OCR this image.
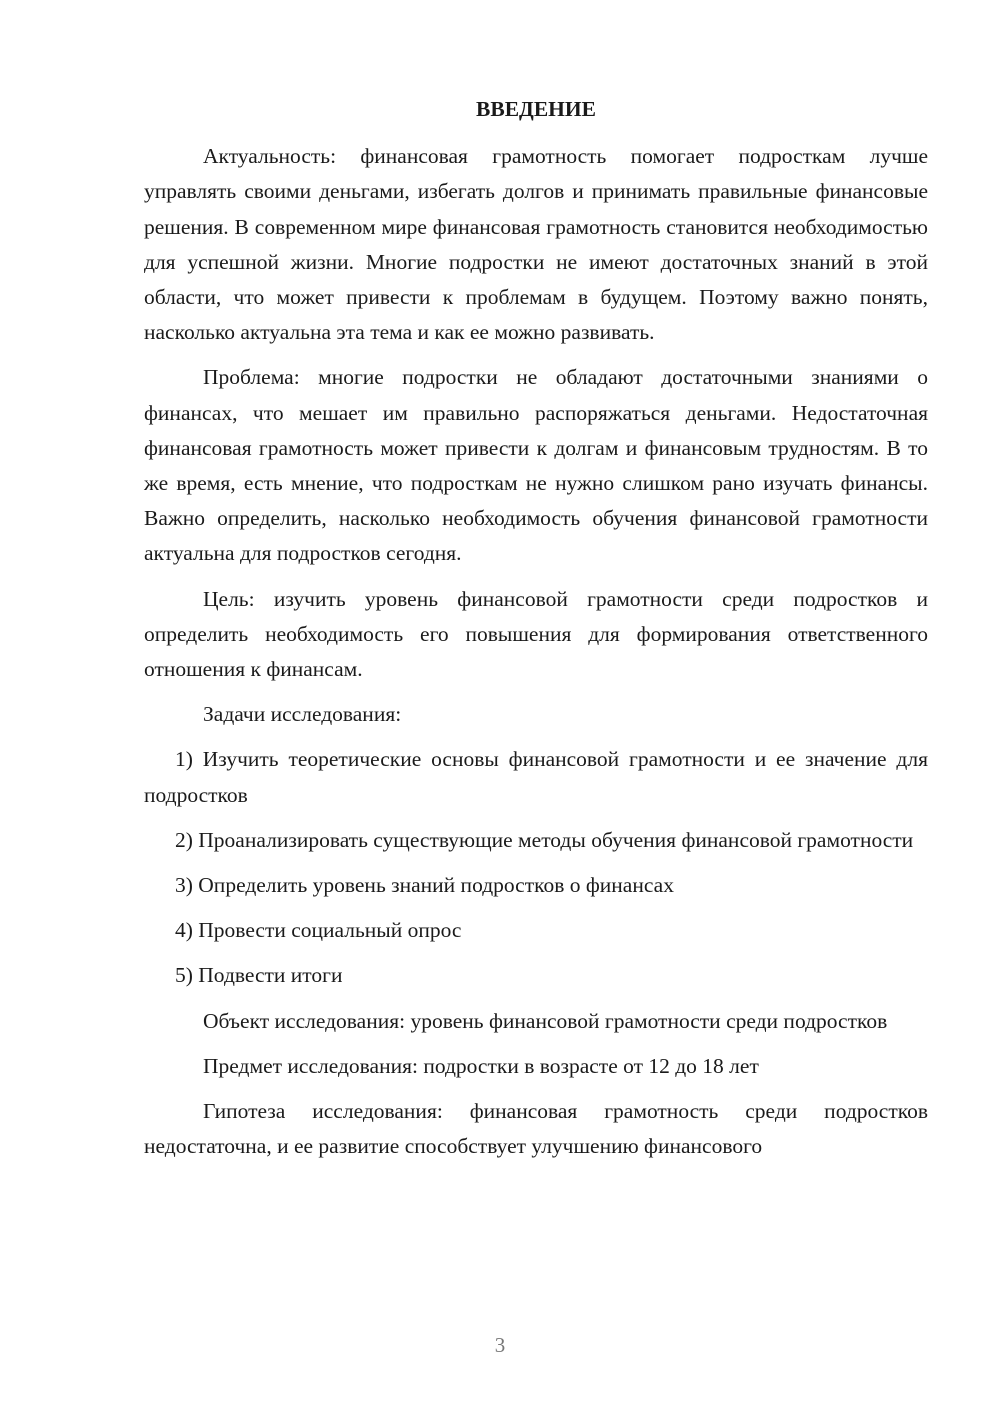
ВВЕДЕНИЕ

Актуальность: финансовая грамотность помогает подросткам лучше управлять своими деньгами, избегать долгов и принимать правильные финансовые решения. В современном мире финансовая грамотность становится необходимостью для успешной жизни. Многие подростки не имеют достаточных знаний в этой области, что может привести к проблемам в будущем. Поэтому важно понять, насколько актуальна эта тема и как ее можно развивать.

Проблема: многие подростки не обладают достаточными знаниями о финансах, что мешает им правильно распоряжаться деньгами. Недостаточная финансовая грамотность может привести к долгам и финансовым трудностям. В то же время, есть мнение, что подросткам не нужно слишком рано изучать финансы. Важно определить, насколько необходимость обучения финансовой грамотности актуальна для подростков сегодня.

Цель: изучить уровень финансовой грамотности среди подростков и определить необходимость его повышения для формирования ответственного отношения к финансам.

Задачи исследования:

1) Изучить теоретические основы финансовой грамотности и ее значение для подростков

2) Проанализировать существующие методы обучения финансовой грамотности

3) Определить уровень знаний подростков о финансах

4) Провести социальный опрос

5) Подвести итоги

Объект исследования: уровень финансовой грамотности среди подростков

Предмет исследования: подростки в возрасте от 12 до 18 лет

Гипотеза исследования: финансовая грамотность среди подростков недостаточна, и ее развитие способствует улучшению финансового

3
